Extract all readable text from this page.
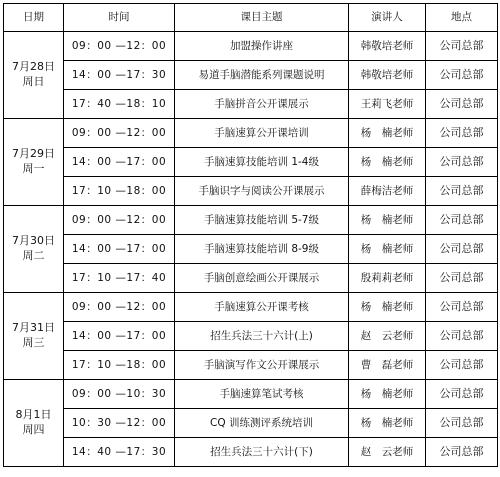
日期	时间	课目主题	演讲人	地点

7月28日
周日	09：00 —12：00	加盟操作讲座	韩敬培老师	公司总部
	14：00 —17：30	易道手脑潜能系列课题说明	韩敬培老师	公司总部
	17：40 —18：10	手脑拼音公开课展示	王莉飞老师	公司总部

7月29日
周一	09：00 —12：00	手脑速算公开课培训	杨　楠老师	公司总部
	14：00 —17：00	手脑速算技能培训 1-4级	杨　楠老师	公司总部
	17：10 —18：00	手脑识字与阅读公开课展示	薛梅洁老师	公司总部

7月30日
周二	09：00 —12：00	手脑速算技能培训 5-7级	杨　楠老师	公司总部
	14：00 —17：00	手脑速算技能培训 8-9级	杨　楠老师	公司总部
	17：10 —17：40	手脑创意绘画公开课展示	殷莉莉老师	公司总部

7月31日
周三	09：00 —12：00	手脑速算公开课考核	杨　楠老师	公司总部
	14：00 —17：00	招生兵法三十六计(上)	赵　云老师	公司总部
	17：10 —18：00	手脑演写作文公开课展示	曹　磊老师	公司总部

8月1日
周四	09：00 —10：30	手脑速算笔试考核	杨　楠老师	公司总部
	10：30 —12：00	CQ 训练测评系统培训	杨　楠老师	公司总部
	14：40 —17：30	招生兵法三十六计(下)	赵　云老师	公司总部
